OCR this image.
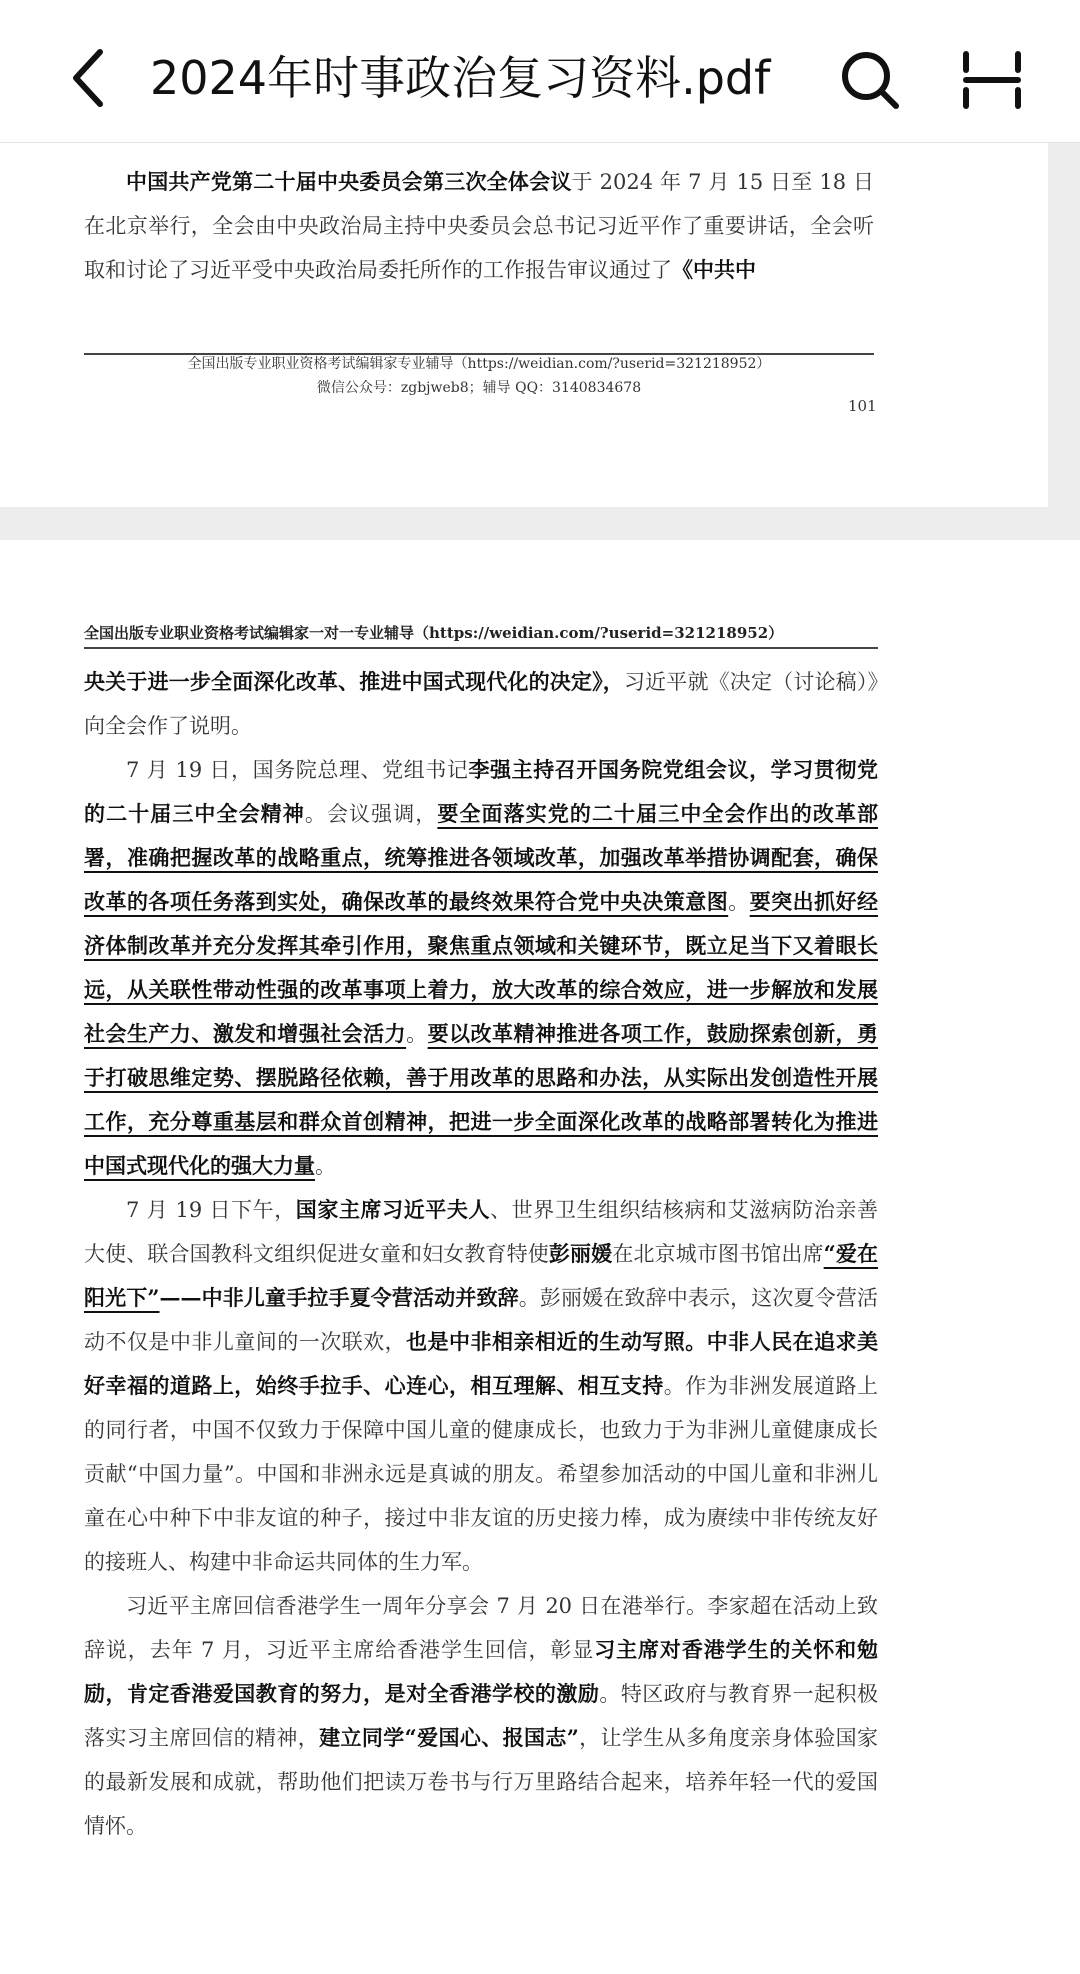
2024年时事政治复习资料.pdf
中国共产党第二十届中央委员会第三次全体会议于 2024 年 7 月 15 日至 18 日在北京举行，全会由中央政治局主持中央委员会总书记习近平作了重要讲话，全会听取和讨论了习近平受中央政治局委托所作的工作报告审议通过了《中共中
全国出版专业职业资格考试编辑家专业辅导（https://weidian.com/?userid=321218952）
微信公众号：zgbjweb8；辅导 QQ：3140834678
101
全国出版专业职业资格考试编辑家一对一专业辅导（https://weidian.com/?userid=321218952）
央关于进一步全面深化改革、推进中国式现代化的决定》，习近平就《决定（讨论稿）》向全会作了说明。
7 月 19 日，国务院总理、党组书记李强主持召开国务院党组会议，学习贯彻党的二十届三中全会精神。会议强调，要全面落实党的二十届三中全会作出的改革部署，准确把握改革的战略重点，统筹推进各领域改革，加强改革举措协调配套，确保改革的各项任务落到实处，确保改革的最终效果符合党中央决策意图。要突出抓好经济体制改革并充分发挥其牵引作用，聚焦重点领域和关键环节，既立足当下又着眼长远，从关联性带动性强的改革事项上着力，放大改革的综合效应，进一步解放和发展社会生产力、激发和增强社会活力。要以改革精神推进各项工作，鼓励探索创新，勇于打破思维定势、摆脱路径依赖，善于用改革的思路和办法，从实际出发创造性开展工作，充分尊重基层和群众首创精神，把进一步全面深化改革的战略部署转化为推进中国式现代化的强大力量。
7 月 19 日下午，国家主席习近平夫人、世界卫生组织结核病和艾滋病防治亲善大使、联合国教科文组织促进女童和妇女教育特使彭丽媛在北京城市图书馆出席“爱在阳光下”——中非儿童手拉手夏令营活动并致辞。彭丽媛在致辞中表示，这次夏令营活动不仅是中非儿童间的一次联欢，也是中非相亲相近的生动写照。中非人民在追求美好幸福的道路上，始终手拉手、心连心，相互理解、相互支持。作为非洲发展道路上的同行者，中国不仅致力于保障中国儿童的健康成长，也致力于为非洲儿童健康成长贡献“中国力量”。中国和非洲永远是真诚的朋友。希望参加活动的中国儿童和非洲儿童在心中种下中非友谊的种子，接过中非友谊的历史接力棒，成为赓续中非传统友好的接班人、构建中非命运共同体的生力军。
习近平主席回信香港学生一周年分享会 7 月 20 日在港举行。李家超在活动上致辞说，去年 7 月，习近平主席给香港学生回信，彰显习主席对香港学生的关怀和勉励，肯定香港爱国教育的努力，是对全香港学校的激励。特区政府与教育界一起积极落实习主席回信的精神，建立同学“爱国心、报国志”，让学生从多角度亲身体验国家的最新发展和成就，帮助他们把读万卷书与行万里路结合起来，培养年轻一代的爱国情怀。
